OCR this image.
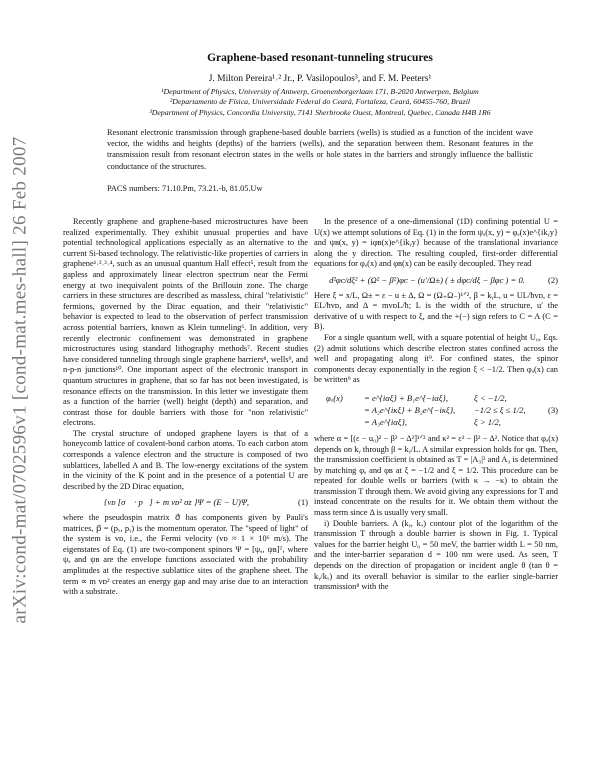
arXiv:cond-mat/0702596v1 [cond-mat.mes-hall] 26 Feb 2007
Graphene-based resonant-tunneling strucures
J. Milton Pereira¹˒² Jr., P. Vasilopoulos³, and F. M. Peeters¹
¹Department of Physics, University of Antwerp, Groenenborgerlaan 171, B-2020 Antwerpen, Belgium
²Departamento de Física, Universidade Federal do Ceará, Fortaleza, Ceará, 60455-760, Brazil
³Department of Physics, Concordia University, 7141 Sherbrooke Ouest, Montreal, Quebec, Canada H4B 1R6
Resonant electronic transmission through graphene-based double barriers (wells) is studied as a function of the incident wave vector, the widths and heights (depths) of the barriers (wells), and the separation between them. Resonant features in the transmission result from resonant electron states in the wells or hole states in the barriers and strongly influence the ballistic conductance of the structures.
PACS numbers: 71.10.Pm, 73.21.-b, 81.05.Uw

Recently graphene and graphene-based microstructures have been realized experimentally. They exhibit unusual properties and have potential technological applications especially as an alternative to the current Si-based technology. The relativistic-like properties of carriers in graphene¹˒²˒³˒⁴, such as an unusual quantum Hall effect⁵, result from the gapless and approximately linear electron spectrum near the Fermi energy at two inequivalent points of the Brillouin zone. The charge carriers in these structures are described as massless, chiral "relativistic" fermions, governed by the Dirac equation, and their "relativistic" behavior is expected to lead to the observation of perfect transmission across potential barriers, known as Klein tunneling⁶. In addition, very recently electronic confinement was demonstrated in graphene microstructures using standard lithography methods⁷. Recent studies have considered tunneling through single graphene barriers⁸, wells⁹, and n-p-n junctions¹⁰. One important aspect of the electronic transport in quantum structures in graphene, that so far has not been investigated, is resonance effects on the transmission. In this letter we investigate them as a function of the barrier (well) height (depth) and separation, and contrast those for double barriers with those for "non relativistic" electrons.

The crystal structure of undoped graphene layers is that of a honeycomb lattice of covalent-bond carbon atoms. To each carbon atom corresponds a valence electron and the structure is composed of two sublattices, labelled A and B. The low-energy excitations of the system in the vicinity of the K point and in the presence of a potential U are described by the 2D Dirac equation,

{vᴅ [σ⃗ · p⃗] + m vᴅ² σᴢ }Ψ = (E − U)Ψ,	(1)

where the pseudospin matrix σ⃗ has components given by Pauli's matrices, p⃗ = (pₓ, pᵧ) is the momentum operator. The "speed of light" of the system is vᴅ, i.e., the Fermi velocity (vᴅ ≈ 1 × 10⁶ m/s). The eigenstates of Eq. (1) are two-component spinors Ψ = [ψₐ, ψʙ]ᵀ, where ψₐ and ψʙ are the envelope functions associated with the probability amplitudes at the respective sublattice sites of the graphene sheet. The term ∝ m vᴅ² creates an energy gap and may arise due to an interaction with a substrate.

In the presence of a one-dimensional (1D) confining potential U = U(x) we attempt solutions of Eq. (1) in the form ψₐ(x, y) = φₐ(x)e^{ikᵧy} and ψʙ(x, y) = iφʙ(x)e^{ikᵧy} because of the translational invariance along the y direction. The resulting coupled, first-order differential equations for φₐ(x) and φʙ(x) can be easily decoupled. They read

d²φᴄ/dξ² + (Ω² − β²)φᴄ − (u′/Ω±) ( ± dφᴄ/dξ − βφᴄ ) = 0.	(2)

Here ξ = x/L, Ω± = ε − u ± Δ, Ω = (Ω₊Ω₋)¹ᐟ², β = kᵧL, u = UL/ħvᴅ, ε = EL/ħvᴅ, and Δ = mvᴅL/ħ; L is the width of the structure, u′ the derivative of u with respect to ξ, and the +(−) sign refers to C = A (C = B).

For a single quantum well, with a square potential of height U₀, Eqs. (2) admit solutions which describe electron states confined across the well and propagating along it⁹. For confined states, the spinor components decay exponentially in the region ξ < −1/2. Then φₐ(x) can be written⁹ as

φₐ(x)	= e^{iαξ} + B₁e^{−iαξ},	ξ < −1/2,
= A₂e^{iκξ} + B₂e^{−iκξ},	−1/2 ≤ ξ ≤ 1/2,
= A₃e^{iαξ},	ξ > 1/2,
(3)

where α = [(ε − u₀)² − β² − Δ²]¹ᐟ² and κ² = ε² − β² − Δ². Notice that φₐ(x) depends on kᵧ through β = kᵧ/L. A similar expression holds for φʙ. Then, the transmission coefficient is obtained as T = |A₃|² and A₃ is determined by matching φₐ and φʙ at ξ = −1/2 and ξ = 1/2. This procedure can be repeated for double wells or barriers (with κ → −κ) to obtain the transmission T through them. We avoid giving any expressions for T and instead concentrate on the results for it. We obtain them without the mass term since Δ is usually very small.

i) Double barriers. A (kᵧ, kₓ) contour plot of the logarithm of the transmission T through a double barrier is shown in Fig. 1. Typical values for the barrier height U₀ = 50 meV, the barrier width L = 50 nm, and the inter-barrier separation d = 100 nm were used. As seen, T depends on the direction of propagation or incident angle θ (tan θ = kᵧ/kₓ) and its overall behavior is similar to the earlier single-barrier transmission⁸ with the
